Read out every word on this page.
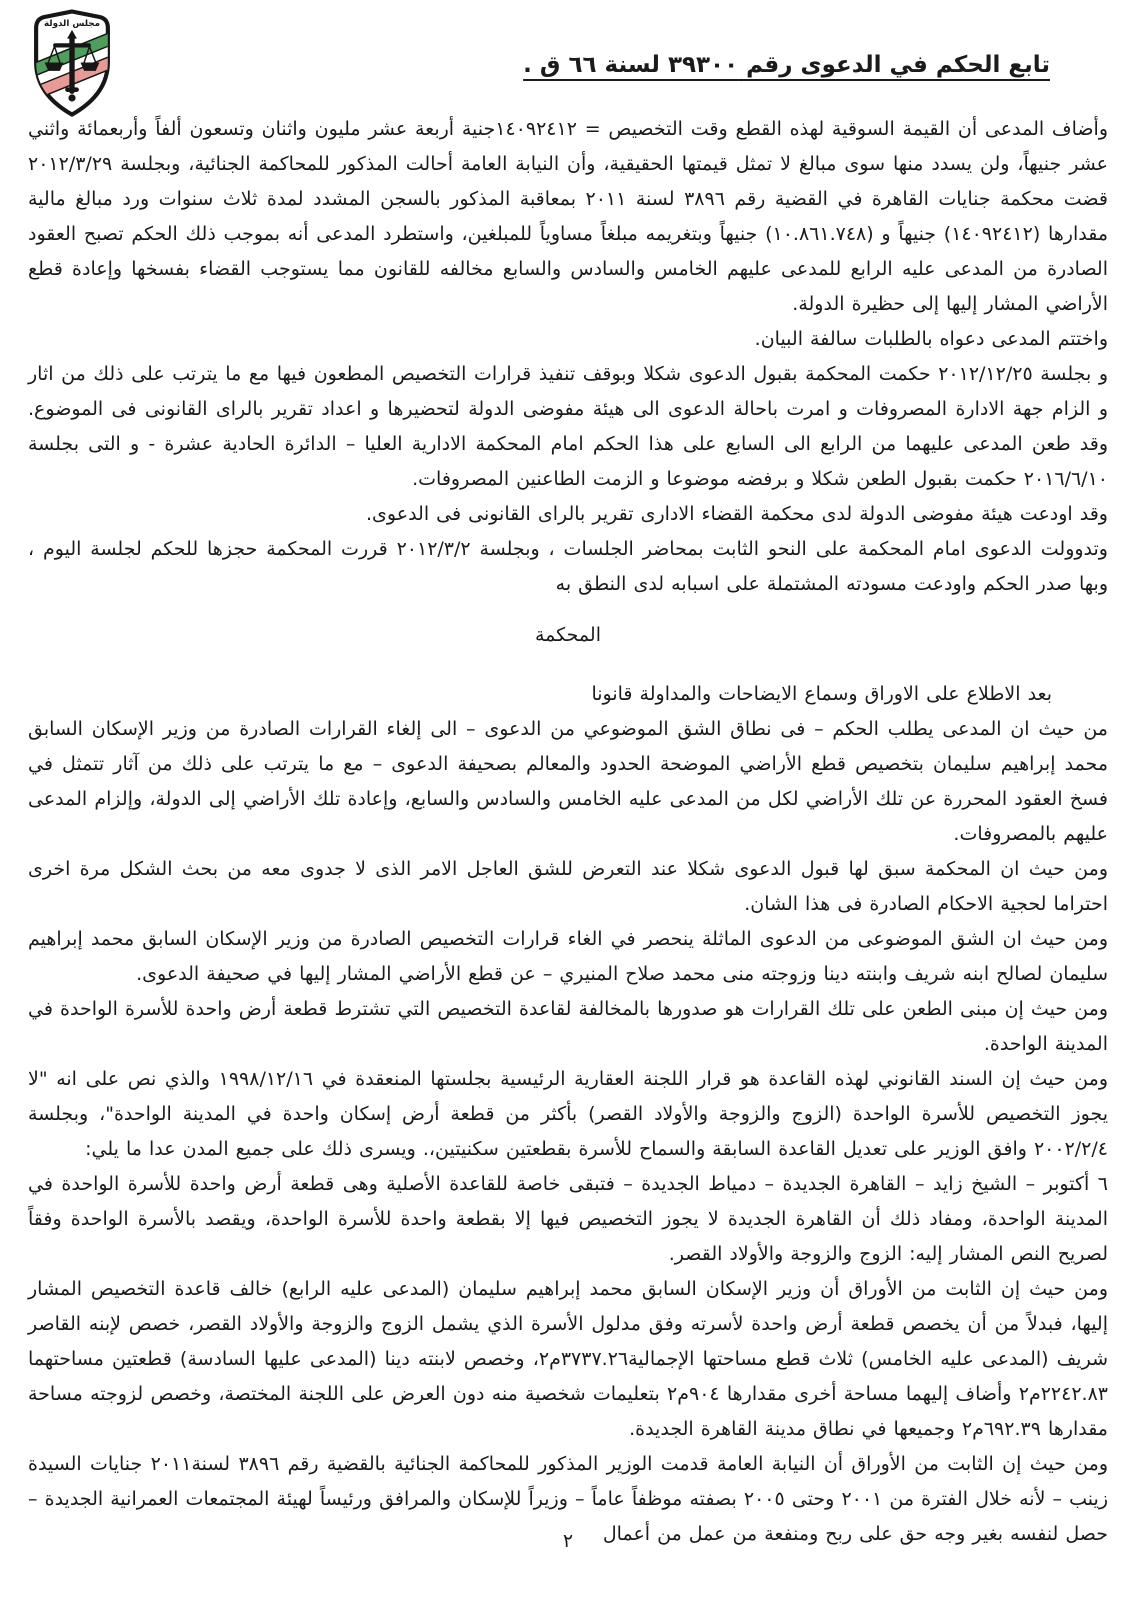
مجلس الدولة
تابع الحكم في الدعوى رقم ٣٩٣٠٠ لسنة ٦٦ ق .

وأضاف المدعى أن القيمة السوقية لهذه القطع وقت التخصيص = ١٤٠٩٢٤١٢جنية أربعة عشر مليون واثنان وتسعون ألفاً وأربعمائة واثني عشر جنيهاً، ولن يسدد منها سوى مبالغ لا تمثل قيمتها الحقيقية، وأن النيابة العامة أحالت المذكور للمحاكمة الجنائية، وبجلسة ٢٠١٢/٣/٢٩ قضت محكمة جنايات القاهرة في القضية رقم ٣٨٩٦ لسنة ٢٠١١ بمعاقبة المذكور بالسجن المشدد لمدة ثلاث سنوات ورد مبالغ مالية مقدارها (١٤٠٩٢٤١٢) جنيهاً و (١٠.٨٦١.٧٤٨) جنيهاً وبتغريمه مبلغاً مساوياً للمبلغين، واستطرد المدعى أنه بموجب ذلك الحكم تصبح العقود الصادرة من المدعى عليه الرابع للمدعى عليهم الخامس والسادس والسابع مخالفه للقانون مما يستوجب القضاء بفسخها وإعادة قطع الأراضي المشار إليها إلى حظيرة الدولة.

واختتم المدعى دعواه بالطلبات سالفة البيان.

و بجلسة ٢٠١٢/١٢/٢٥ حكمت المحكمة بقبول الدعوى شكلا وبوقف تنفيذ قرارات التخصيص المطعون فيها مع ما يترتب على ذلك من اثار و الزام جهة الادارة المصروفات و امرت باحالة الدعوى الى هيئة مفوضى الدولة لتحضيرها و اعداد تقرير بالراى القانونى فى الموضوع. وقد طعن المدعى عليهما من الرابع الى السابع على هذا الحكم امام المحكمة الادارية العليا – الدائرة الحادية عشرة - و التى بجلسة ٢٠١٦/٦/١٠ حكمت بقبول الطعن شكلا و برفضه موضوعا و الزمت الطاعنين المصروفات.

وقد اودعت هيئة مفوضى الدولة لدى محكمة القضاء الادارى تقرير بالراى القانونى فى الدعوى.

وتدوولت الدعوى امام المحكمة على النحو الثابت بمحاضر الجلسات ، وبجلسة ٢٠١٢/٣/٢ قررت المحكمة حجزها للحكم لجلسة اليوم ، وبها صدر الحكم واودعت مسودته المشتملة على اسبابه لدى النطق به

المحكمة

بعد الاطلاع على الاوراق وسماع الايضاحات والمداولة قانونا

من حيث ان المدعى يطلب الحكم – فى نطاق الشق الموضوعي من الدعوى – الى إلغاء القرارات الصادرة من وزير الإسكان السابق محمد إبراهيم سليمان بتخصيص قطع الأراضي الموضحة الحدود والمعالم بصحيفة الدعوى – مع ما يترتب على ذلك من آثار تتمثل في فسخ العقود المحررة عن تلك الأراضي لكل من المدعى عليه الخامس والسادس والسابع، وإعادة تلك الأراضي إلى الدولة، وإلزام المدعى عليهم بالمصروفات.

ومن حيث ان المحكمة سبق لها قبول الدعوى شكلا عند التعرض للشق العاجل الامر الذى لا جدوى معه من بحث الشكل مرة اخرى احتراما لحجية الاحكام الصادرة فى هذا الشان.

ومن حيث ان الشق الموضوعى من الدعوى الماثلة ينحصر في الغاء قرارات التخصيص الصادرة من وزير الإسكان السابق محمد إبراهيم سليمان لصالح ابنه شريف وابنته دينا وزوجته منى محمد صلاح المنيري – عن قطع الأراضي المشار إليها في صحيفة الدعوى.

ومن حيث إن مبنى الطعن على تلك القرارات هو صدورها بالمخالفة لقاعدة التخصيص التي تشترط قطعة أرض واحدة للأسرة الواحدة في المدينة الواحدة.

ومن حيث إن السند القانوني لهذه القاعدة هو قرار اللجنة العقارية الرئيسية بجلستها المنعقدة في ١٩٩٨/١٢/١٦ والذي نص على انه "لا يجوز التخصيص للأسرة الواحدة (الزوج والزوجة والأولاد القصر) بأكثر من قطعة أرض إسكان واحدة في المدينة الواحدة"، وبجلسة ٢٠٠٢/٢/٤ وافق الوزير على تعديل القاعدة السابقة والسماح للأسرة بقطعتين سكنيتين،. ويسرى ذلك على جميع المدن عدا ما يلي:

٦ أكتوبر – الشيخ زايد – القاهرة الجديدة – دمياط الجديدة – فتبقى خاصة للقاعدة الأصلية وهى قطعة أرض واحدة للأسرة الواحدة في المدينة الواحدة، ومفاد ذلك أن القاهرة الجديدة لا يجوز التخصيص فيها إلا بقطعة واحدة للأسرة الواحدة، ويقصد بالأسرة الواحدة وفقاً لصريح النص المشار إليه: الزوج والزوجة والأولاد القصر.

ومن حيث إن الثابت من الأوراق أن وزير الإسكان السابق محمد إبراهيم سليمان (المدعى عليه الرابع) خالف قاعدة التخصيص المشار إليها، فبدلاً من أن يخصص قطعة أرض واحدة لأسرته وفق مدلول الأسرة الذي يشمل الزوج والزوجة والأولاد القصر، خصص لإبنه القاصر شريف (المدعى عليه الخامس) ثلاث قطع مساحتها الإجمالية٣٧٣٧.٢٦م٢، وخصص لابنته دينا (المدعى عليها السادسة) قطعتين مساحتهما ٢٢٤٢.٨٣م٢ وأضاف إليهما مساحة أخرى مقدارها ٩٠٤م٢ بتعليمات شخصية منه دون العرض على اللجنة المختصة، وخصص لزوجته مساحة مقدارها ٦٩٢.٣٩م٢ وجميعها في نطاق مدينة القاهرة الجديدة.

ومن حيث إن الثابت من الأوراق أن النيابة العامة قدمت الوزير المذكور للمحاكمة الجنائية بالقضية رقم ٣٨٩٦ لسنة٢٠١١ جنايات السيدة زينب – لأنه خلال الفترة من ٢٠٠١ وحتى ٢٠٠٥ بصفته موظفاً عاماً – وزيراً للإسكان والمرافق ورئيساً لهيئة المجتمعات العمرانية الجديدة – حصل لنفسه بغير وجه حق على ربح ومنفعة من عمل من أعمال

٢
